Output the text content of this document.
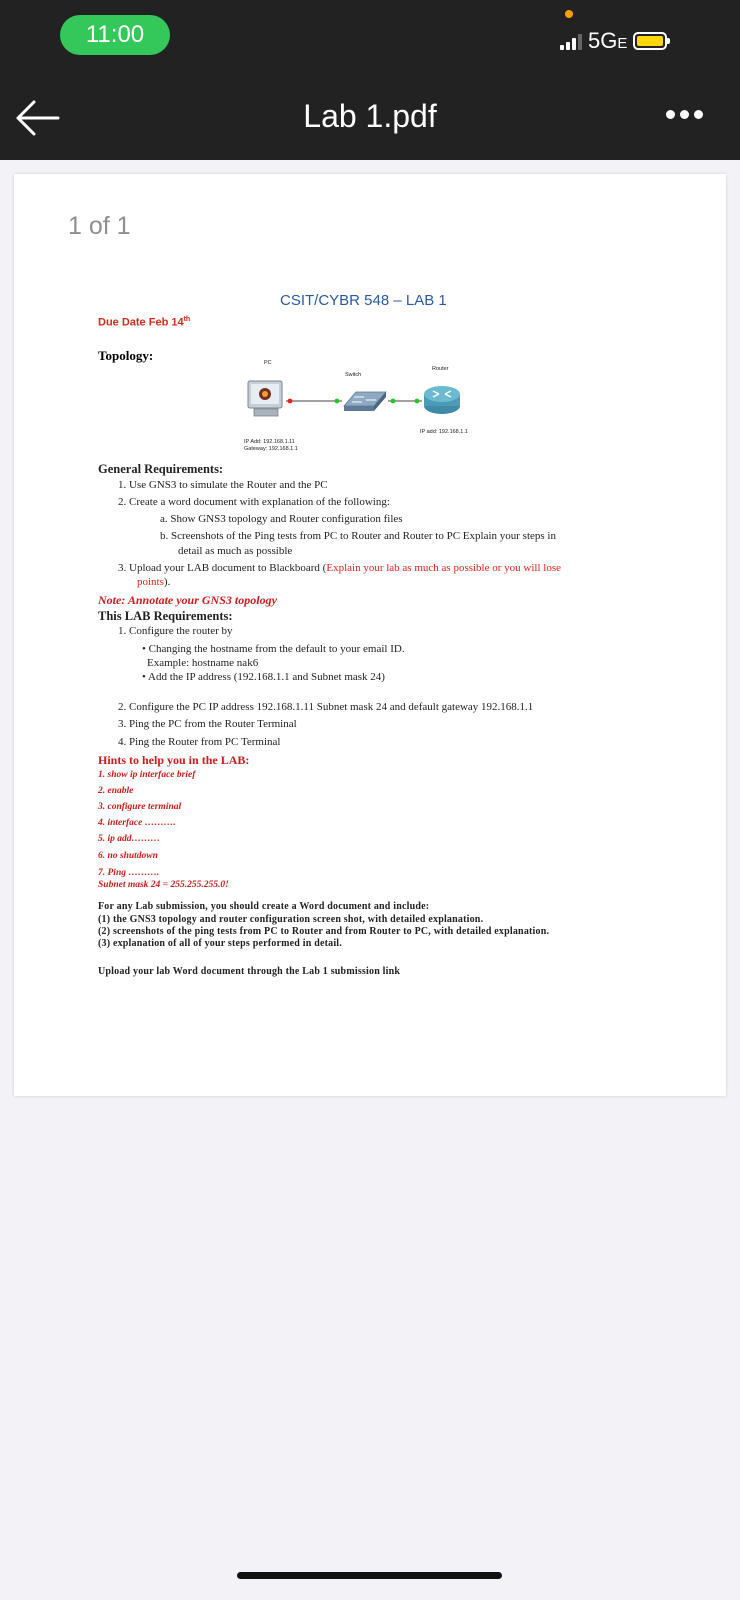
11:00	5GE
Lab 1.pdf
1 of 1
CSIT/CYBR 548 – LAB 1
Due Date Feb 14th
Topology:	PC
Switch
Router
IP Add: 192.168.1.11
Gateway: 192.168.1.1
IP add: 192.168.1.1
General Requirements:
1. Use GNS3 to simulate the Router and the PC
2. Create a word document with explanation of the following:
a. Show GNS3 topology and Router configuration files
b. Screenshots of the Ping tests from PC to Router and Router to PC Explain your steps in
detail as much as possible
3. Upload your LAB document to Blackboard (Explain your lab as much as possible or you will lose
points).
Note: Annotate your GNS3 topology
This LAB Requirements:
1. Configure the router by
• Changing the hostname from the default to your email ID.
Example: hostname nak6
• Add the IP address (192.168.1.1 and Subnet mask 24)
2. Configure the PC IP address 192.168.1.11 Subnet mask 24 and default gateway 192.168.1.1
3. Ping the PC from the Router Terminal
4. Ping the Router from PC Terminal
Hints to help you in the LAB:
1. show ip interface brief
2. enable
3. configure terminal
4. interface ……….
5. ip add………
6. no shutdown
7. Ping ……….
Subnet mask 24 = 255.255.255.0!
For any Lab submission, you should create a Word document and include:
(1) the GNS3 topology and router configuration screen shot, with detailed explanation.
(2) screenshots of the ping tests from PC to Router and from Router to PC, with detailed explanation.
(3) explanation of all of your steps performed in detail.
Upload your lab Word document through the Lab 1 submission link
